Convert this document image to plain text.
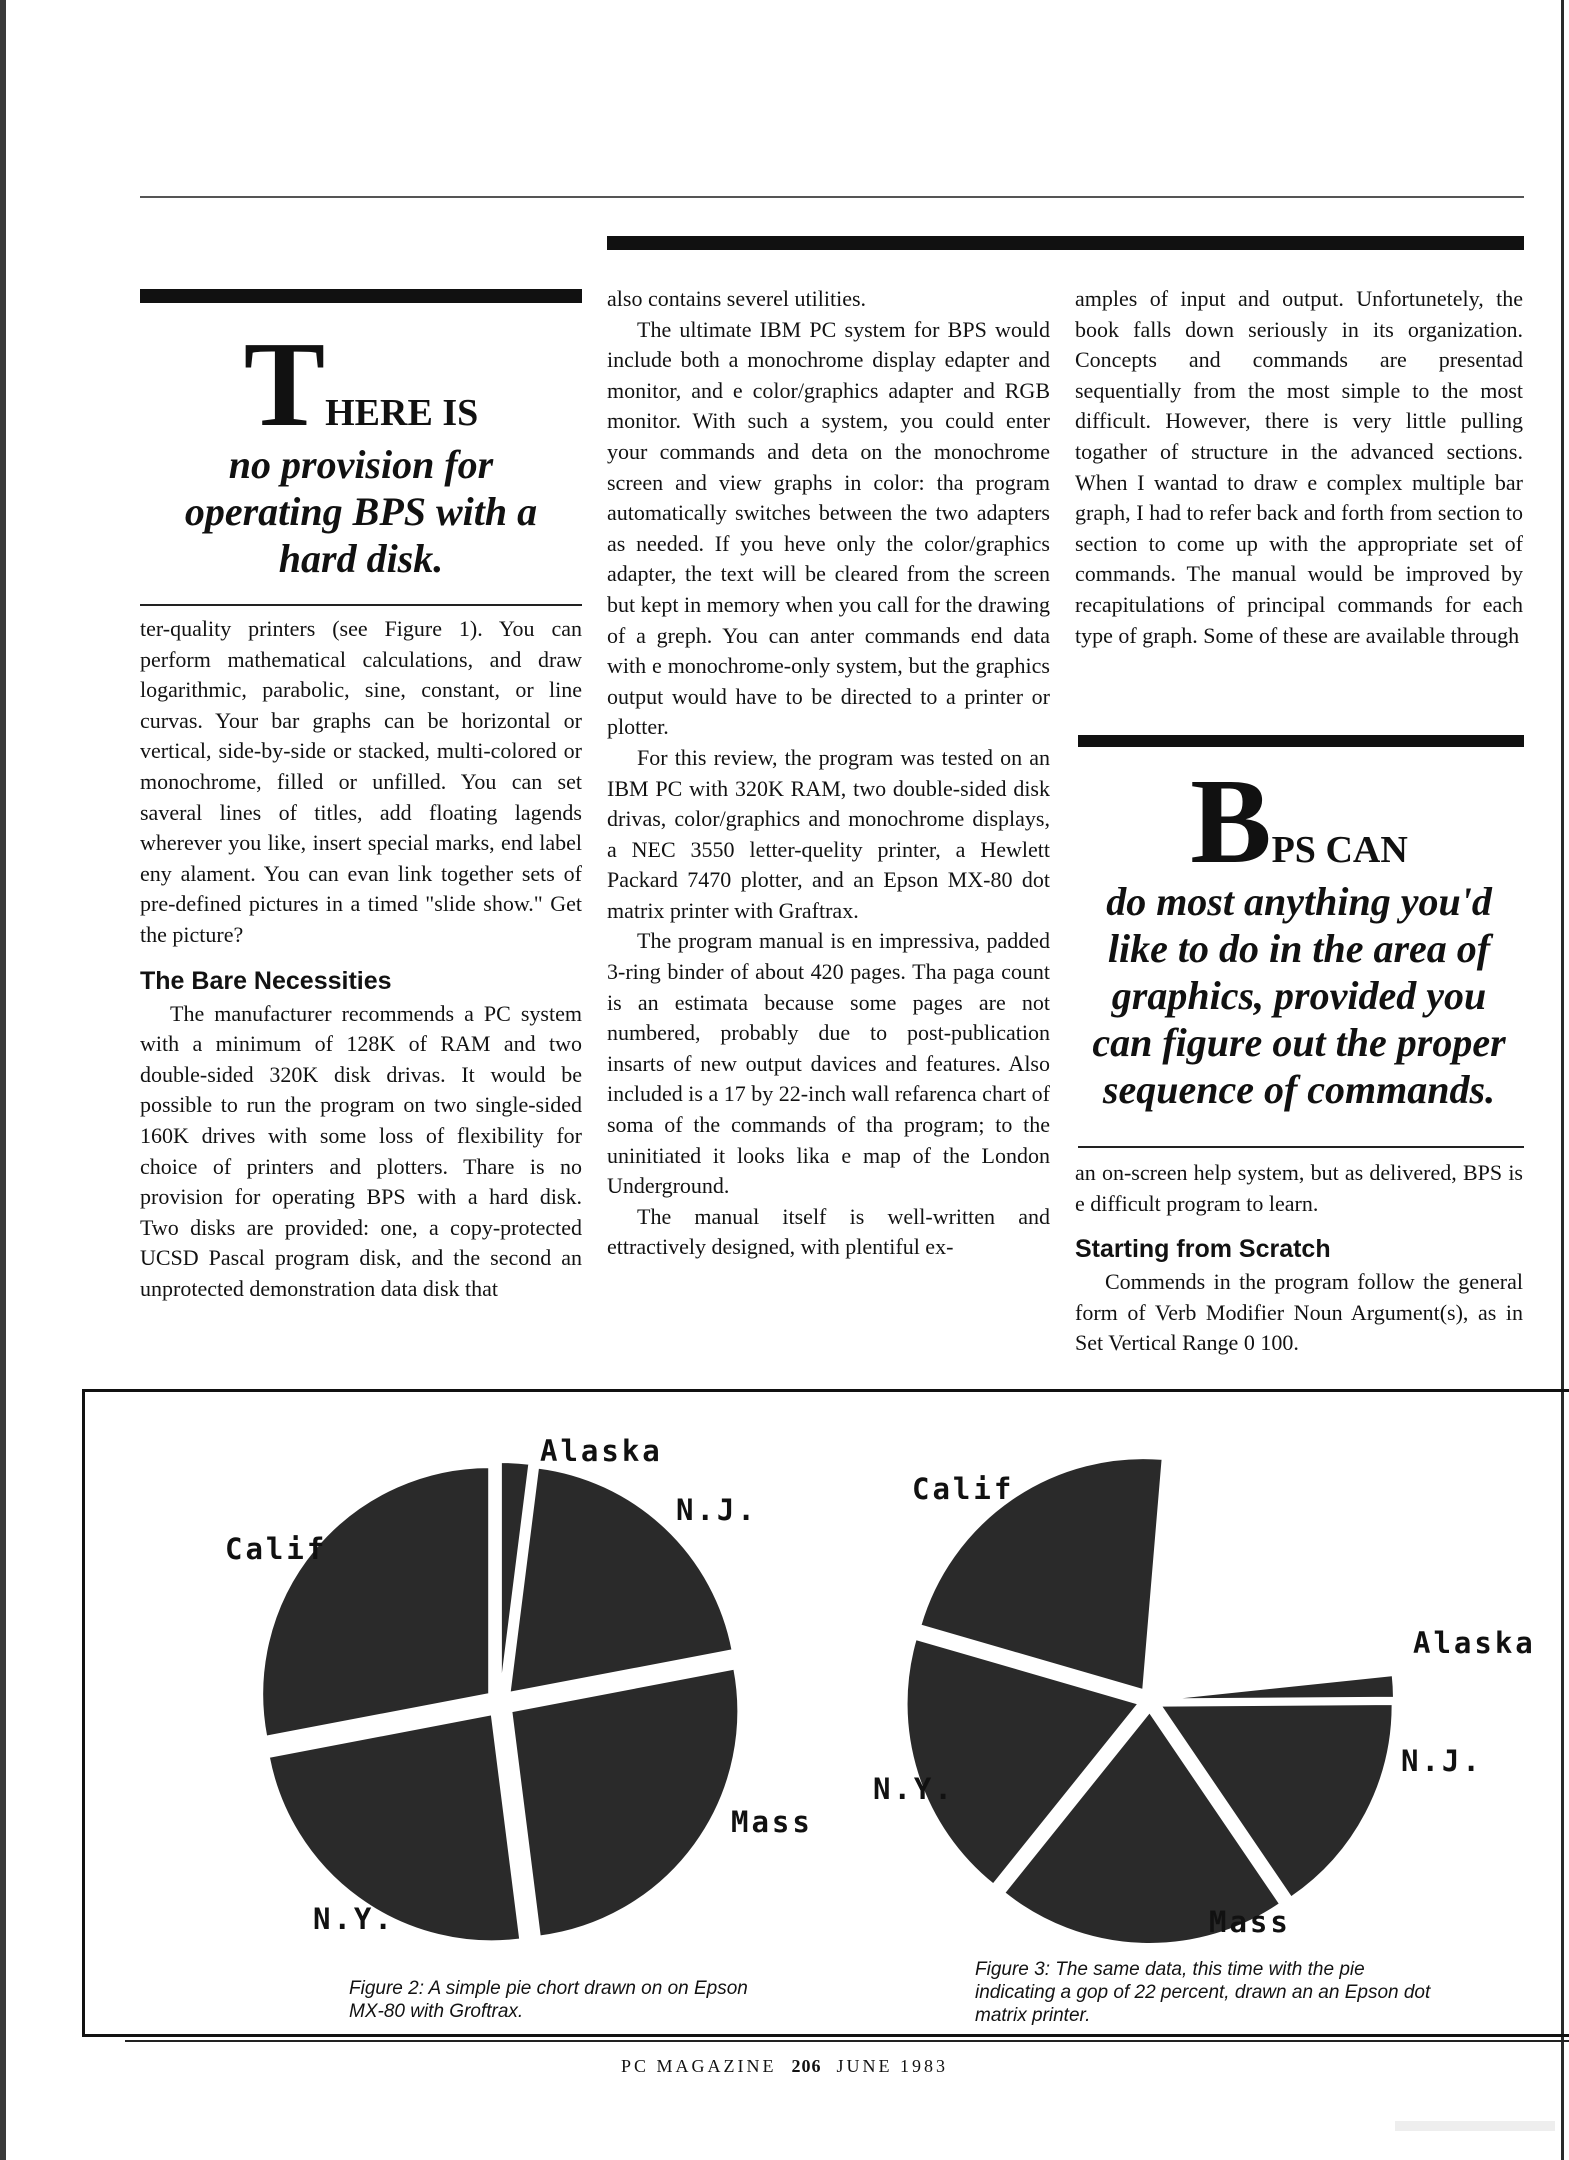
THERE IS
no provision for operating BPS with a hard disk.

ter-quality printers (see Figure 1). You can perform mathematical calculations, and draw logarithmic, parabolic, sine, constant, or line curvas. Your bar graphs can be horizontal or vertical, side-by-side or stacked, multi-colored or monochrome, filled or unfilled. You can set saveral lines of titles, add floating lagends wherever you like, insert special marks, end label eny alament. You can evan link together sets of pre-defined pictures in a timed "slide show." Get the picture?

The Bare Necessities

The manufacturer recommends a PC system with a minimum of 128K of RAM and two double-sided 320K disk drivas. It would be possible to run the program on two single-sided 160K drives with some loss of flexibility for choice of printers and plotters. Thare is no provision for operating BPS with a hard disk. Two disks are provided: one, a copy-protected UCSD Pascal program disk, and the second an unprotected demonstration data disk that

also contains severel utilities.

The ultimate IBM PC system for BPS would include both a monochrome display edapter and monitor, and e color/graphics adapter and RGB monitor. With such a system, you could enter your commands and deta on the monochrome screen and view graphs in color: tha program automatically switches between the two adapters as needed. If you heve only the color/graphics adapter, the text will be cleared from the screen but kept in memory when you call for the drawing of a greph. You can anter commands end data with e monochrome-only system, but the graphics output would have to be directed to a printer or plotter.

For this review, the program was tested on an IBM PC with 320K RAM, two double-sided disk drivas, color/graphics and monochrome displays, a NEC 3550 letter-quelity printer, a Hewlett Packard 7470 plotter, and an Epson MX-80 dot matrix printer with Graftrax.

The program manual is en impressiva, padded 3-ring binder of about 420 pages. Tha paga count is an estimata because some pages are not numbered, probably due to post-publication insarts of new output davices and features. Also included is a 17 by 22-inch wall refarenca chart of soma of the commands of tha program; to the uninitiated it looks lika e map of the London Underground.

The manual itself is well-written and ettractively designed, with plentiful ex-

amples of input and output. Unfortunetely, the book falls down seriously in its organization. Concepts and commands are presentad sequentially from the most simple to the most difficult. However, there is very little pulling togather of structure in the advanced sections. When I wantad to draw e complex multiple bar graph, I had to refer back and forth from section to section to come up with the appropriate set of commands. The manual would be improved by recapitulations of principal commands for each type of graph. Some of these are available through

BPS CAN
do most anything you'd like to do in the area of graphics, provided you can figure out the proper sequence of commands.

an on-screen help system, but as delivered, BPS is e difficult program to learn.

Starting from Scratch

Commends in the program follow the general form of Verb Modifier Noun Argument(s), as in Set Vertical Range 0 100.

Alaska
N.J.
Mass
N.Y.
Calif
Alaska
N.J.
Mass
N.Y.
Calif
Figure 2: A simple pie chort drawn on on Epson MX-80 with Groftrax.
Figure 3: The same data, this time with the pie indicating a gop of 22 percent, drawn an an Epson dot matrix printer.
PC MAGAZINE 206 JUNE 1983
